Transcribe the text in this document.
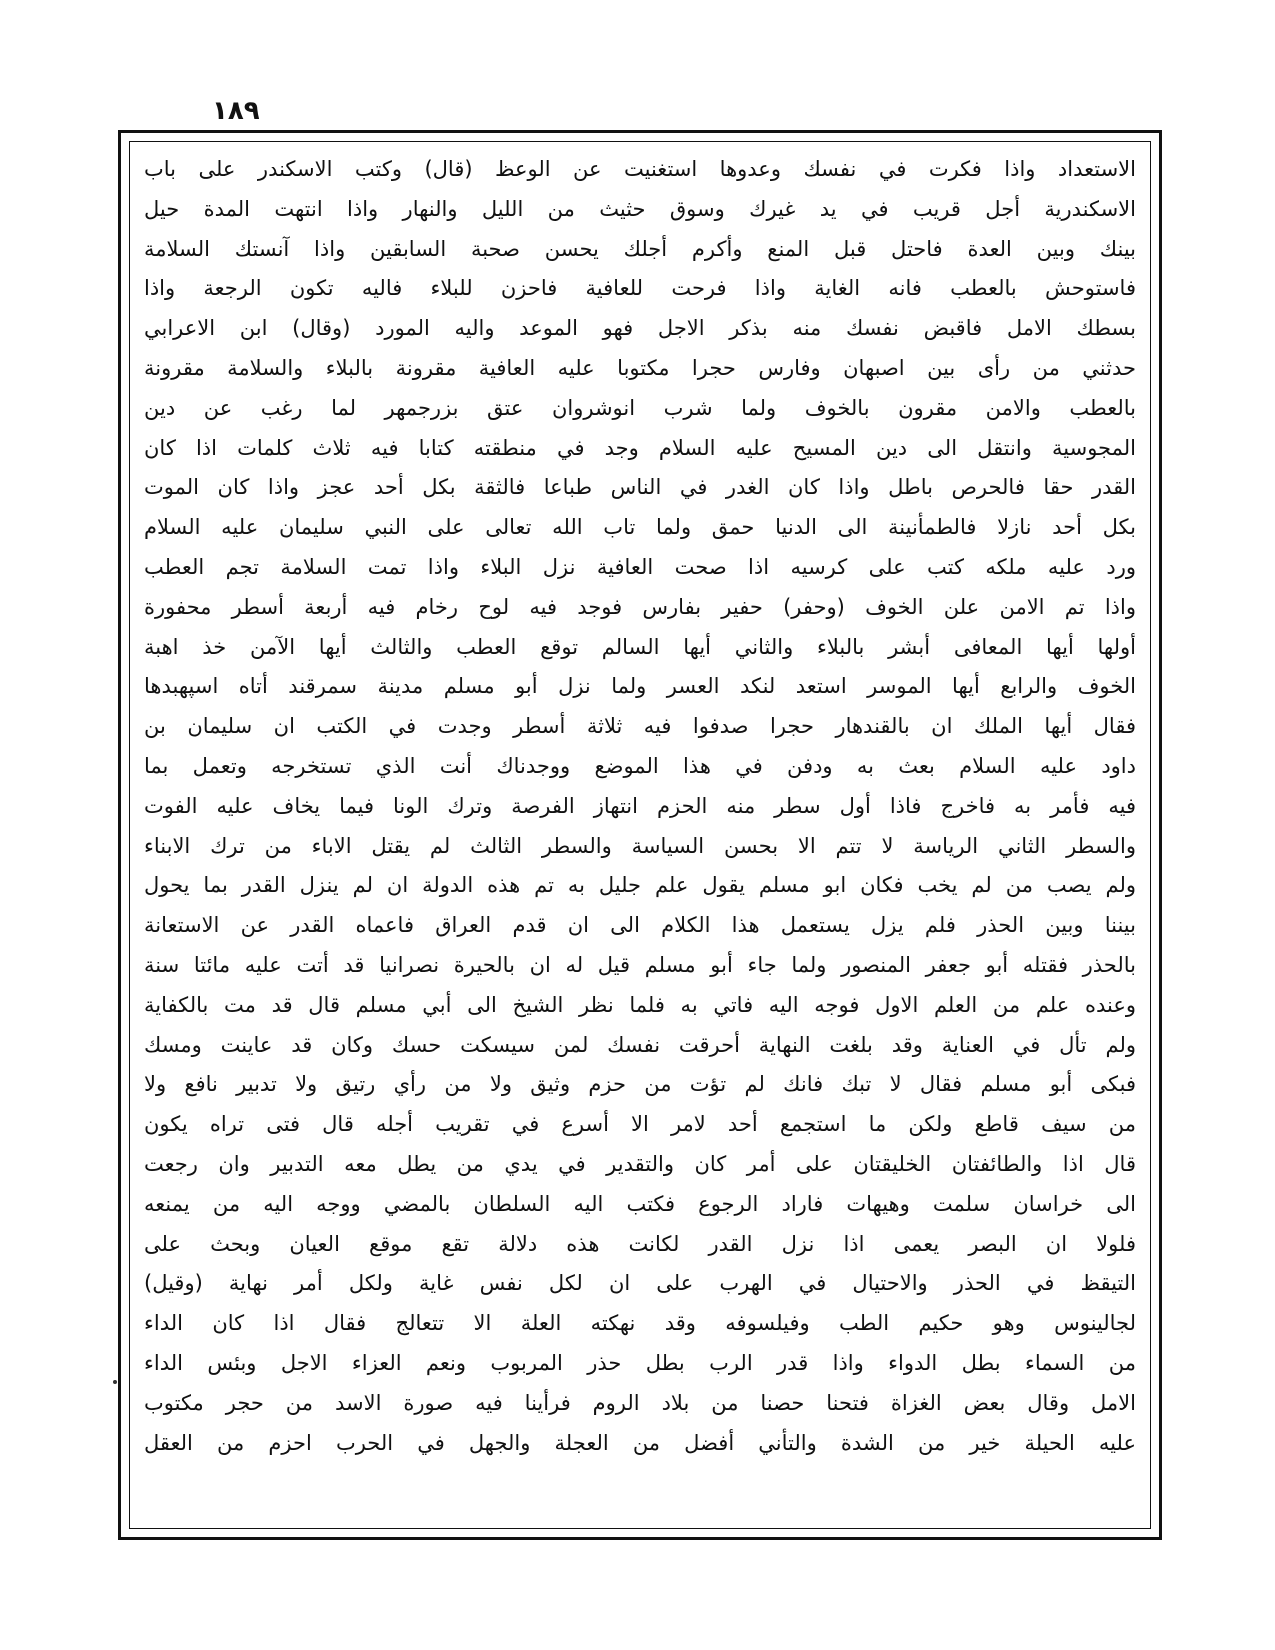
١٨٩
الاستعداد واذا فكرت في نفسك وعدوها استغنيت عن الوعظ (قال) وكتب الاسكندر على باب
الاسكندرية أجل قريب في يد غيرك وسوق حثيث من الليل والنهار واذا انتهت المدة حيل
بينك وبين العدة فاحتل قبل المنع وأكرم أجلك يحسن صحبة السابقين واذا آنستك السلامة
فاستوحش بالعطب فانه الغاية واذا فرحت للعافية فاحزن للبلاء فاليه تكون الرجعة واذا
بسطك الامل فاقبض نفسك منه بذكر الاجل فهو الموعد واليه المورد (وقال) ابن الاعرابي
حدثني من رأى بين اصبهان وفارس حجرا مكتوبا عليه العافية مقرونة بالبلاء والسلامة مقرونة
بالعطب والامن مقرون بالخوف ولما شرب انوشروان عتق بزرجمهر لما رغب عن دين
المجوسية وانتقل الى دين المسيح عليه السلام وجد في منطقته كتابا فيه ثلاث كلمات اذا كان
القدر حقا فالحرص باطل واذا كان الغدر في الناس طباعا فالثقة بكل أحد عجز واذا كان الموت
بكل أحد نازلا فالطمأنينة الى الدنيا حمق ولما تاب الله تعالى على النبي سليمان عليه السلام
ورد عليه ملكه كتب على كرسيه اذا صحت العافية نزل البلاء واذا تمت السلامة تجم العطب
واذا تم الامن علن الخوف (وحفر) حفير بفارس فوجد فيه لوح رخام فيه أربعة أسطر محفورة
أولها أيها المعافى أبشر بالبلاء والثاني أيها السالم توقع العطب والثالث أيها الآمن خذ اهبة
الخوف والرابع أيها الموسر استعد لنكد العسر ولما نزل أبو مسلم مدينة سمرقند أتاه اسپهبدها
فقال أيها الملك ان بالقندهار حجرا صدفوا فيه ثلاثة أسطر وجدت في الكتب ان سليمان بن
داود عليه السلام بعث به ودفن في هذا الموضع ووجدناك أنت الذي تستخرجه وتعمل بما
فيه فأمر به فاخرج فاذا أول سطر منه الحزم انتهاز الفرصة وترك الونا فيما يخاف عليه الفوت
والسطر الثاني الرياسة لا تتم الا بحسن السياسة والسطر الثالث لم يقتل الاباء من ترك الابناء
ولم يصب من لم يخب فكان ابو مسلم يقول علم جليل به تم هذه الدولة ان لم ينزل القدر بما يحول
بيننا وبين الحذر فلم يزل يستعمل هذا الكلام الى ان قدم العراق فاعماه القدر عن الاستعانة
بالحذر فقتله أبو جعفر المنصور ولما جاء أبو مسلم قيل له ان بالحيرة نصرانيا قد أتت عليه مائتا سنة
وعنده علم من العلم الاول فوجه اليه فاتي به فلما نظر الشيخ الى أبي مسلم قال قد مت بالكفاية
ولم تأل في العناية وقد بلغت النهاية أحرقت نفسك لمن سيسكت حسك وكان قد عاينت ومسك
فبكى أبو مسلم فقال لا تبك فانك لم تؤت من حزم وثيق ولا من رأي رتيق ولا تدبير نافع ولا
من سيف قاطع ولكن ما استجمع أحد لامر الا أسرع في تقريب أجله قال فتى تراه يكون
قال اذا والطائفتان الخليقتان على أمر كان والتقدير في يدي من يطل معه التدبير وان رجعت
الى خراسان سلمت وهيهات فاراد الرجوع فكتب اليه السلطان بالمضي ووجه اليه من يمنعه
فلولا ان البصر يعمى اذا نزل القدر لكانت هذه دلالة تقع موقع العيان وبحث على
التيقظ في الحذر والاحتيال في الهرب على ان لكل نفس غاية ولكل أمر نهاية (وقيل)
لجالينوس وهو حكيم الطب وفيلسوفه وقد نهكته العلة الا تتعالج فقال اذا كان الداء
من السماء بطل الدواء واذا قدر الرب بطل حذر المربوب ونعم العزاء الاجل وبئس الداء
الامل وقال بعض الغزاة فتحنا حصنا من بلاد الروم فرأينا فيه صورة الاسد من حجر مكتوب
عليه الحيلة خير من الشدة والتأني أفضل من العجلة والجهل في الحرب احزم من العقل
